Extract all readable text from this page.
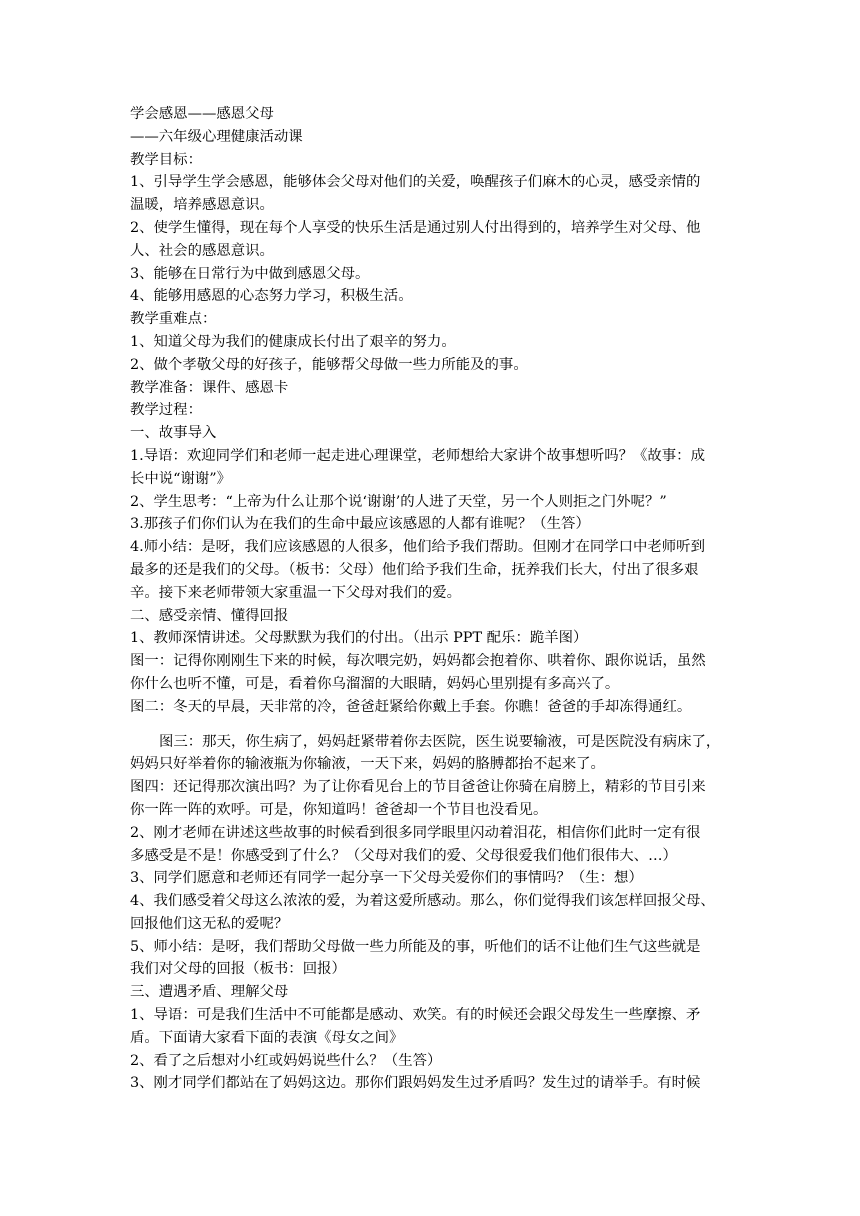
学会感恩——感恩父母

——六年级心理健康活动课

教学目标：

1、引导学生学会感恩，能够体会父母对他们的关爱，唤醒孩子们麻木的心灵，感受亲情的

温暖，培养感恩意识。

2、使学生懂得，现在每个人享受的快乐生活是通过别人付出得到的，培养学生对父母、他

人、社会的感恩意识。

3、能够在日常行为中做到感恩父母。

4、能够用感恩的心态努力学习，积极生活。

教学重难点：

1、知道父母为我们的健康成长付出了艰辛的努力。

2、做个孝敬父母的好孩子，能够帮父母做一些力所能及的事。

教学准备：课件、感恩卡

教学过程：

一、故事导入

1.导语：欢迎同学们和老师一起走进心理课堂，老师想给大家讲个故事想听吗？《故事：成

长中说“谢谢”》

2、学生思考：“上帝为什么让那个说‘谢谢’的人进了天堂，另一个人则拒之门外呢？”

3.那孩子们你们认为在我们的生命中最应该感恩的人都有谁呢？（生答）

4.师小结：是呀，我们应该感恩的人很多，他们给予我们帮助。但刚才在同学口中老师听到

最多的还是我们的父母。（板书：父母）他们给予我们生命，抚养我们长大，付出了很多艰

辛。接下来老师带领大家重温一下父母对我们的爱。

二、感受亲情、懂得回报

1、教师深情讲述。父母默默为我们的付出。（出示 PPT 配乐：跪羊图）

图一：记得你刚刚生下来的时候，每次喂完奶，妈妈都会抱着你、哄着你、跟你说话，虽然

你什么也听不懂，可是，看着你乌溜溜的大眼睛，妈妈心里别提有多高兴了。

图二：冬天的早晨，天非常的冷，爸爸赶紧给你戴上手套。你瞧！爸爸的手却冻得通红。

图三：那天，你生病了，妈妈赶紧带着你去医院，医生说要输液，可是医院没有病床了，

妈妈只好举着你的输液瓶为你输液，一天下来，妈妈的胳膊都抬不起来了。

图四：还记得那次演出吗？为了让你看见台上的节目爸爸让你骑在肩膀上，精彩的节目引来

你一阵一阵的欢呼。可是，你知道吗！爸爸却一个节目也没看见。

2、刚才老师在讲述这些故事的时候看到很多同学眼里闪动着泪花，相信你们此时一定有很

多感受是不是！你感受到了什么？（父母对我们的爱、父母很爱我们他们很伟大、…）

3、同学们愿意和老师还有同学一起分享一下父母关爱你们的事情吗？（生：想）

4、我们感受着父母这么浓浓的爱，为着这爱所感动。那么，你们觉得我们该怎样回报父母、

回报他们这无私的爱呢？

5、师小结：是呀，我们帮助父母做一些力所能及的事，听他们的话不让他们生气这些就是

我们对父母的回报（板书：回报）

三、遭遇矛盾、理解父母

1、导语：可是我们生活中不可能都是感动、欢笑。有的时候还会跟父母发生一些摩擦、矛

盾。下面请大家看下面的表演《母女之间》

2、看了之后想对小红或妈妈说些什么？（生答）

3、刚才同学们都站在了妈妈这边。那你们跟妈妈发生过矛盾吗？发生过的请举手。有时候
